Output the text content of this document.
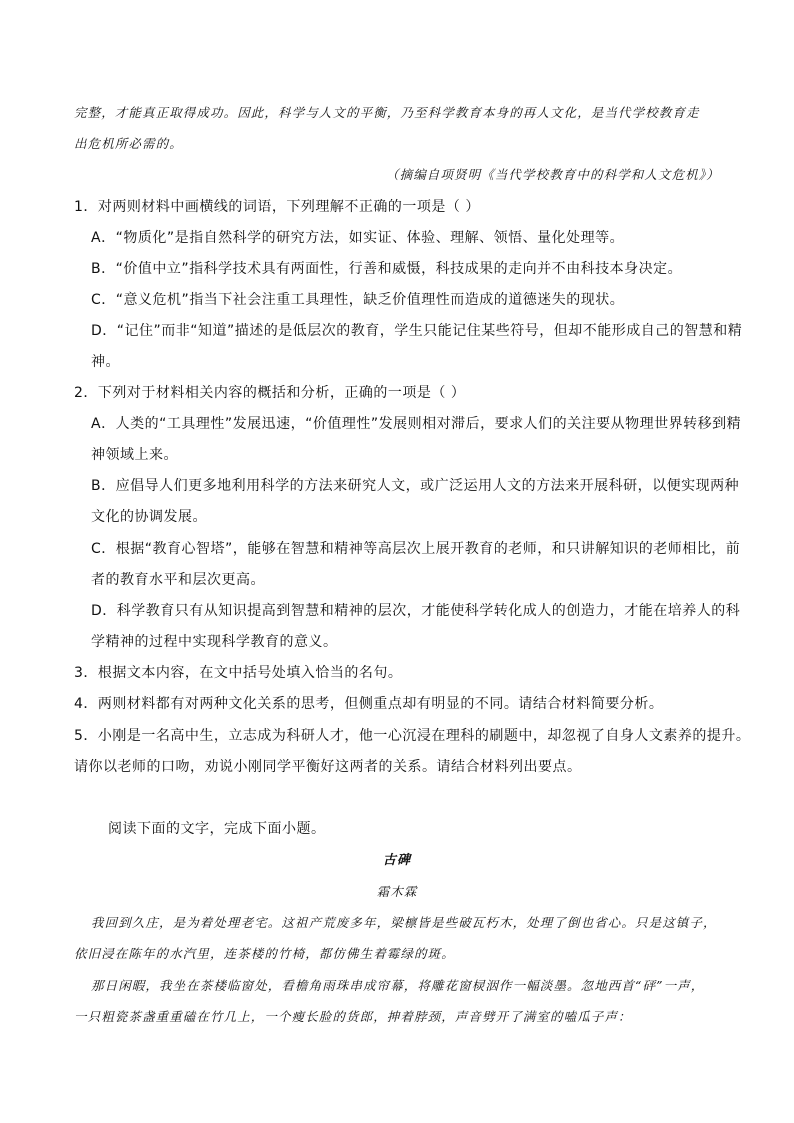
完整，才能真正取得成功。因此，科学与人文的平衡，乃至科学教育本身的再人文化，是当代学校教育走
出危机所必需的。
（摘编自项贤明《当代学校教育中的科学和人文危机》）
1．对两则材料中画横线的词语，下列理解不正确的一项是（ ）
A．“物质化”是指自然科学的研究方法，如实证、体验、理解、领悟、量化处理等。
B．“价值中立”指科学技术具有两面性，行善和威慑，科技成果的走向并不由科技本身决定。
C．“意义危机”指当下社会注重工具理性，缺乏价值理性而造成的道德迷失的现状。
D．“记住”而非“知道”描述的是低层次的教育，学生只能记住某些符号，但却不能形成自己的智慧和精
神。
2．下列对于材料相关内容的概括和分析，正确的一项是（ ）
A．人类的“工具理性”发展迅速，“价值理性”发展则相对滞后，要求人们的关注要从物理世界转移到精
神领域上来。
B．应倡导人们更多地利用科学的方法来研究人文，或广泛运用人文的方法来开展科研，以便实现两种
文化的协调发展。
C．根据“教育心智塔”，能够在智慧和精神等高层次上展开教育的老师，和只讲解知识的老师相比，前
者的教育水平和层次更高。
D．科学教育只有从知识提高到智慧和精神的层次，才能使科学转化成人的创造力，才能在培养人的科
学精神的过程中实现科学教育的意义。
3．根据文本内容，在文中括号处填入恰当的名句。
4．两则材料都有对两种文化关系的思考，但侧重点却有明显的不同。请结合材料简要分析。
5．小刚是一名高中生，立志成为科研人才，他一心沉浸在理科的刷题中，却忽视了自身人文素养的提升。
请你以老师的口吻，劝说小刚同学平衡好这两者的关系。请结合材料列出要点。
阅读下面的文字，完成下面小题。
古碑
霜木霖
我回到久庄，是为着处理老宅。这祖产荒废多年，梁檩皆是些破瓦朽木，处理了倒也省心。只是这镇子，
依旧浸在陈年的水汽里，连茶楼的竹椅，都仿佛生着霉绿的斑。
那日闲暇，我坐在茶楼临窗处，看檐角雨珠串成帘幕，将雕花窗棂洇作一幅淡墨。忽地西首“砰”一声，
一只粗瓷茶盏重重磕在竹几上，一个瘦长脸的货郎，抻着脖颈，声音劈开了满室的嗑瓜子声：
